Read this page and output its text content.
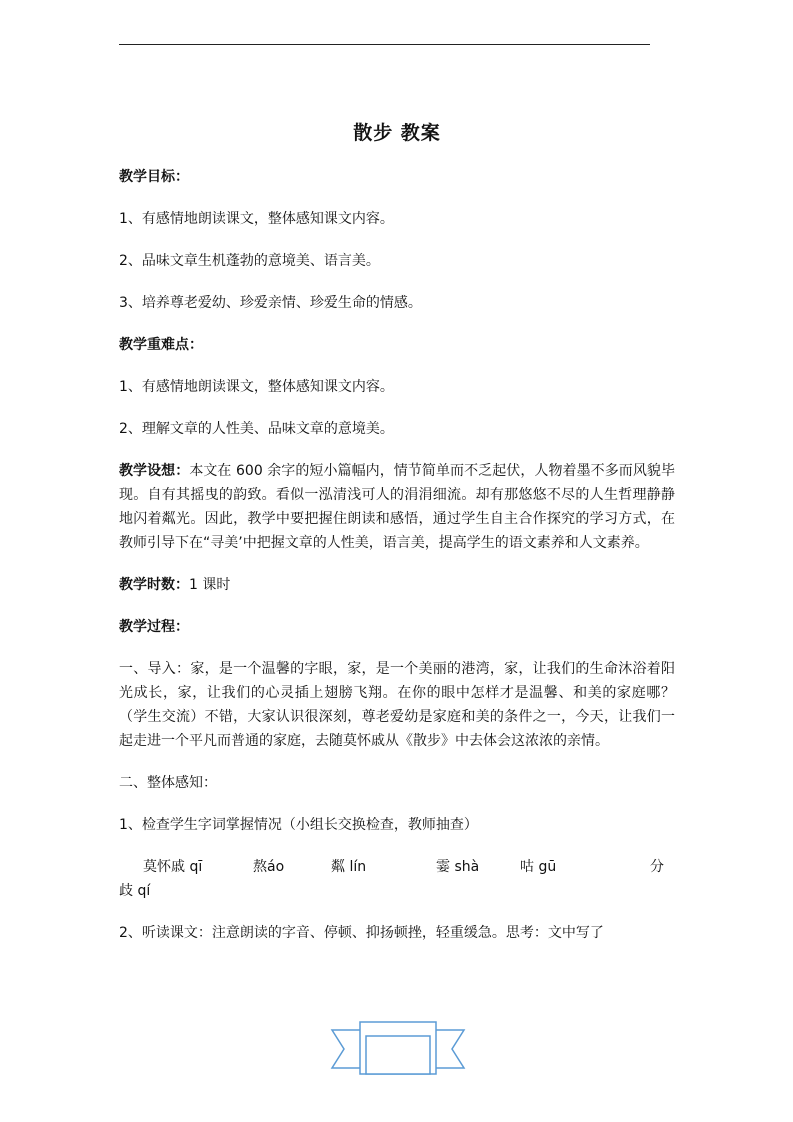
散步 教案

教学目标：

1、有感情地朗读课文，整体感知课文内容。

2、品味文章生机蓬勃的意境美、语言美。

3、培养尊老爱幼、珍爱亲情、珍爱生命的情感。

教学重难点：

1、有感情地朗读课文，整体感知课文内容。

2、理解文章的人性美、品味文章的意境美。

教学设想：本文在 600 余字的短小篇幅内，情节简单而不乏起伏，人物着墨不多而风貌毕现。自有其摇曳的韵致。看似一泓清浅可人的涓涓细流。却有那悠悠不尽的人生哲理静静地闪着粼光。因此，教学中要把握住朗读和感悟，通过学生自主合作探究的学习方式，在教师引导下在“寻美’中把握文章的人性美，语言美，提高学生的语文素养和人文素养。

教学时数：1 课时

教学过程：

一、导入：家，是一个温馨的字眼，家，是一个美丽的港湾，家，让我们的生命沐浴着阳光成长，家，让我们的心灵插上翅膀飞翔。在你的眼中怎样才是温馨、和美的家庭哪？（学生交流）不错，大家认识很深刻，尊老爱幼是家庭和美的条件之一，今天，让我们一起走进一个平凡而普通的家庭，去随莫怀戚从《散步》中去体会这浓浓的亲情。

二、整体感知：

1、检查学生字词掌握情况（小组长交换检查，教师抽查）

莫怀戚 qī	熬áo	粼 lín	霎 shà	咕 gū	分

歧 qí

2、听读课文：注意朗读的字音、停顿、抑扬顿挫，轻重缓急。思考：文中写了
